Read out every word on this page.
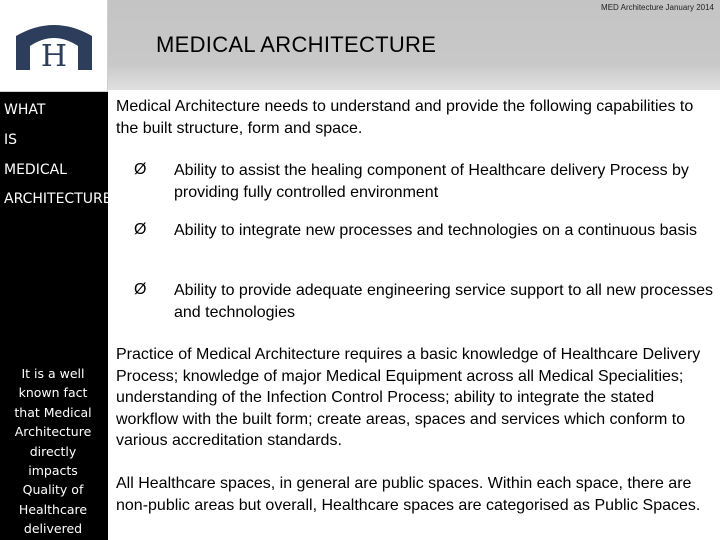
H
WHAT
IS
MEDICAL
ARCHITECTURE
It is a well known fact that Medical Architecture directly impacts Quality of Healthcare delivered
MED Architecture January 2014
MEDICAL ARCHITECTURE
Medical Architecture needs to understand and provide the following capabilities to the built structure, form and space.
Ø Ability to assist the healing component of Healthcare delivery Process by providing fully controlled environment
Ø Ability to integrate new processes and technologies on a continuous basis
Ø Ability to provide adequate engineering service support to all new processes and technologies
Practice of Medical Architecture requires a basic knowledge of Healthcare Delivery Process; knowledge of major Medical Equipment across all Medical Specialities; understanding of the Infection Control Process; ability to integrate the stated workflow with the built form; create areas, spaces and services which conform to various accreditation standards.
All Healthcare spaces, in general are public spaces. Within each space, there are non-public areas but overall, Healthcare spaces are categorised as Public Spaces.
